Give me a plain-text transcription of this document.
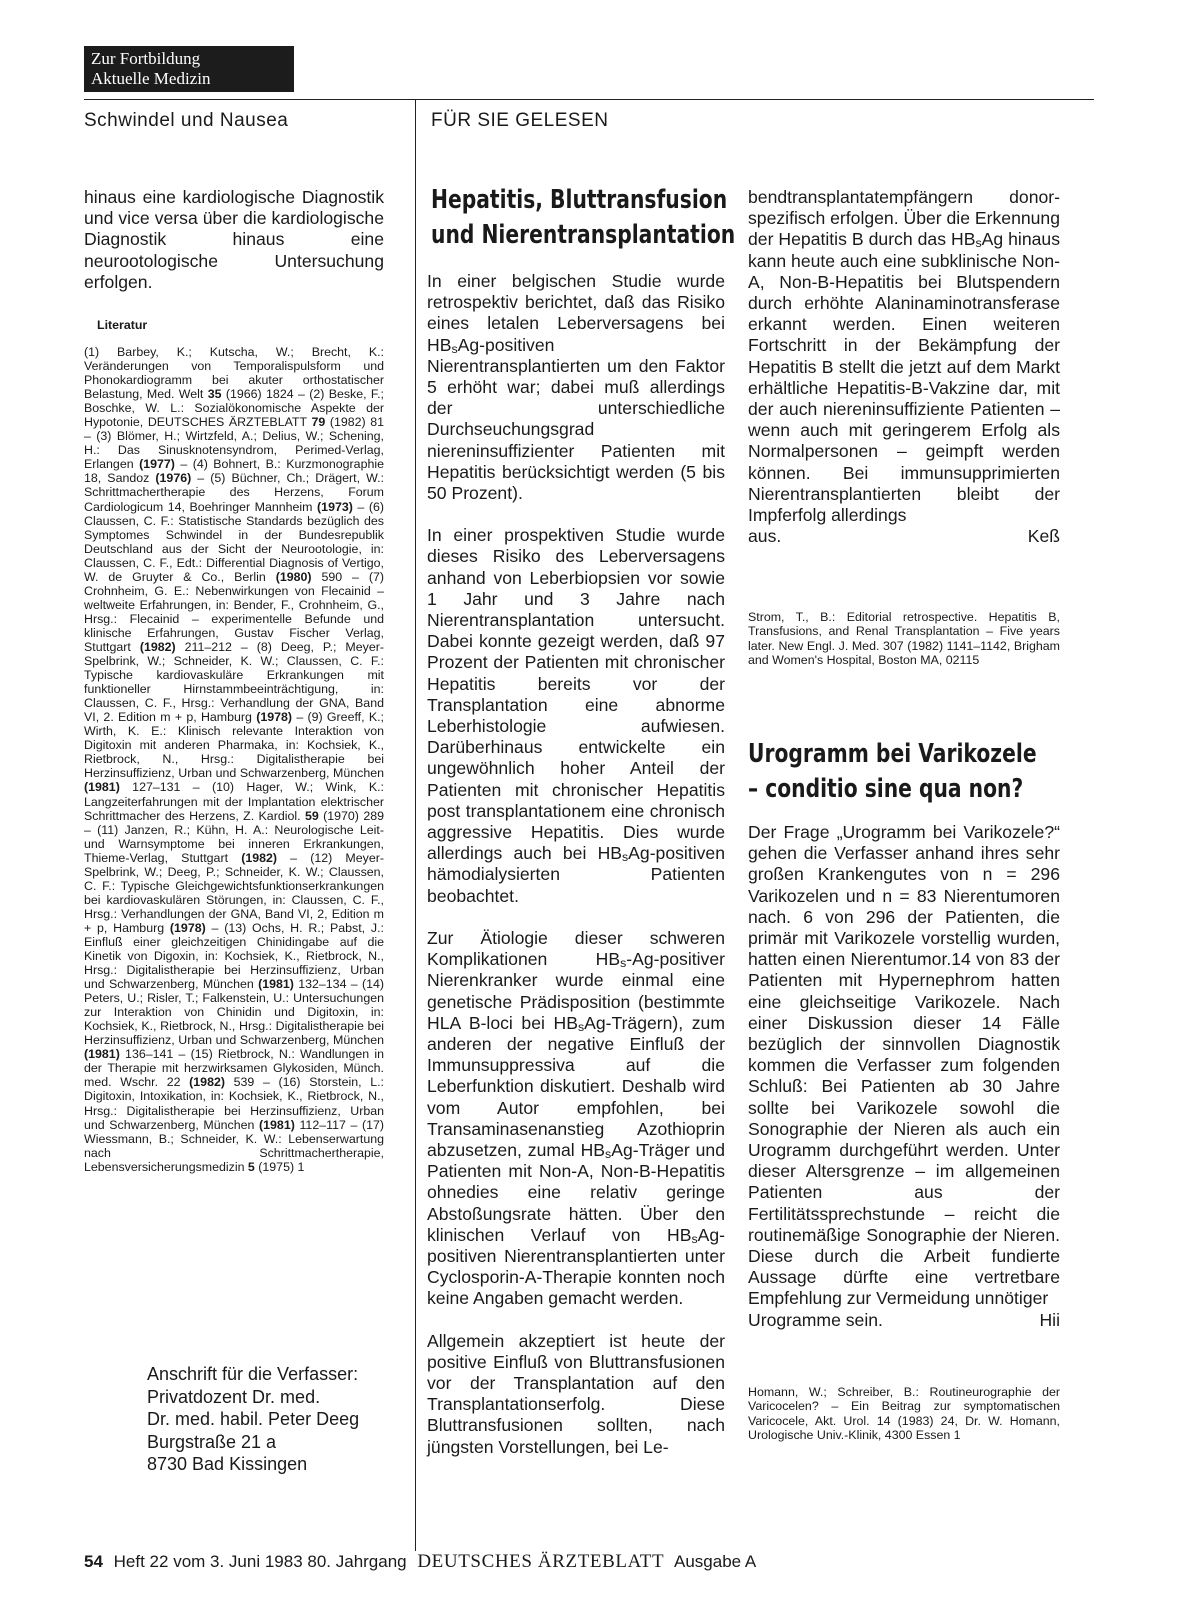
Zur Fortbildung
Aktuelle Medizin
Schwindel und Nausea	FÜR SIE GELESEN
hinaus eine kardiologische Diagnostik und vice versa über die kardiologische Diagnostik hinaus eine neurootologische Untersuchung erfolgen.
Literatur
(1) Barbey, K.; Kutscha, W.; Brecht, K.: Veränderungen von Temporalispulsform und Phonokardiogramm bei akuter orthostatischer Belastung, Med. Welt 35 (1966) 1824 – (2) Beske, F.; Boschke, W. L.: Sozialökonomische Aspekte der Hypotonie, DEUTSCHES ÄRZTEBLATT 79 (1982) 81 – (3) Blömer, H.; Wirtzfeld, A.; Delius, W.; Schening, H.: Das Sinusknotensyndrom, Perimed-Verlag, Erlangen (1977) – (4) Bohnert, B.: Kurzmonographie 18, Sandoz (1976) – (5) Büchner, Ch.; Drägert, W.: Schrittmachertherapie des Herzens, Forum Cardiologicum 14, Boehringer Mannheim (1973) – (6) Claussen, C. F.: Statistische Standards bezüglich des Symptomes Schwindel in der Bundesrepublik Deutschland aus der Sicht der Neurootologie, in: Claussen, C. F., Edt.: Differential Diagnosis of Vertigo, W. de Gruyter & Co., Berlin (1980) 590 – (7) Crohnheim, G. E.: Nebenwirkungen von Flecainid – weltweite Erfahrungen, in: Bender, F., Crohnheim, G., Hrsg.: Flecainid – experimentelle Befunde und klinische Erfahrungen, Gustav Fischer Verlag, Stuttgart (1982) 211–212 – (8) Deeg, P.; Meyer-Spelbrink, W.; Schneider, K. W.; Claussen, C. F.: Typische kardiovaskuläre Erkrankungen mit funktioneller Hirnstammbeeinträchtigung, in: Claussen, C. F., Hrsg.: Verhandlung der GNA, Band VI, 2. Edition m + p, Hamburg (1978) – (9) Greeff, K.; Wirth, K. E.: Klinisch relevante Interaktion von Digitoxin mit anderen Pharmaka, in: Kochsiek, K., Rietbrock, N., Hrsg.: Digitalistherapie bei Herzinsuffizienz, Urban und Schwarzenberg, München (1981) 127–131 – (10) Hager, W.; Wink, K.: Langzeiterfahrungen mit der Implantation elektrischer Schrittmacher des Herzens, Z. Kardiol. 59 (1970) 289 – (11) Janzen, R.; Kühn, H. A.: Neurologische Leit- und Warnsymptome bei inneren Erkrankungen, Thieme-Verlag, Stuttgart (1982) – (12) Meyer-Spelbrink, W.; Deeg, P.; Schneider, K. W.; Claussen, C. F.: Typische Gleichgewichtsfunktionserkrankungen bei kardiovaskulären Störungen, in: Claussen, C. F., Hrsg.: Verhandlungen der GNA, Band VI, 2, Edition m + p, Hamburg (1978) – (13) Ochs, H. R.; Pabst, J.: Einfluß einer gleichzeitigen Chinidingabe auf die Kinetik von Digoxin, in: Kochsiek, K., Rietbrock, N., Hrsg.: Digitalistherapie bei Herzinsuffizienz, Urban und Schwarzenberg, München (1981) 132–134 – (14) Peters, U.; Risler, T.; Falkenstein, U.: Untersuchungen zur Interaktion von Chinidin und Digitoxin, in: Kochsiek, K., Rietbrock, N., Hrsg.: Digitalistherapie bei Herzinsuffizienz, Urban und Schwarzenberg, München (1981) 136–141 – (15) Rietbrock, N.: Wandlungen in der Therapie mit herzwirksamen Glykosiden, Münch. med. Wschr. 22 (1982) 539 – (16) Storstein, L.: Digitoxin, Intoxikation, in: Kochsiek, K., Rietbrock, N., Hrsg.: Digitalistherapie bei Herzinsuffizienz, Urban und Schwarzenberg, München (1981) 112–117 – (17) Wiessmann, B.; Schneider, K. W.: Lebenserwartung nach Schrittmachertherapie, Lebensversicherungsmedizin 5 (1975) 1
Anschrift für die Verfasser:
Privatdozent Dr. med.
Dr. med. habil. Peter Deeg
Burgstraße 21 a
8730 Bad Kissingen
Hepatitis, Bluttransfusion
und Nierentransplantation

In einer belgischen Studie wurde retrospektiv berichtet, daß das Risiko eines letalen Leberversagens bei $HB_sAg$-positiven Nierentransplantierten um den Faktor 5 erhöht war; dabei muß allerdings der unterschiedliche Durchseuchungsgrad niereninsuffizienter Patienten mit Hepatitis berücksichtigt werden (5 bis 50 Prozent).

In einer prospektiven Studie wurde dieses Risiko des Leberversagens anhand von Leberbiopsien vor sowie 1 Jahr und 3 Jahre nach Nierentransplantation untersucht. Dabei konnte gezeigt werden, daß 97 Prozent der Patienten mit chronischer Hepatitis bereits vor der Transplantation eine abnorme Leberhistologie aufwiesen. Darüberhinaus entwickelte ein ungewöhnlich hoher Anteil der Patienten mit chronischer Hepatitis post transplantationem eine chronisch aggressive Hepatitis. Dies wurde allerdings auch bei $HB_sAg$-positiven hämodialysierten Patienten beobachtet.

Zur Ätiologie dieser schweren Komplikationen $HB_s-Ag$-positiver Nierenkranker wurde einmal eine genetische Prädisposition (bestimmte HLA B-loci bei $HB_sAg-Trägern$), zum anderen der negative Einfluß der Immunsuppressiva auf die Leberfunktion diskutiert. Deshalb wird vom Autor empfohlen, bei Transaminasenanstieg Azothioprin abzusetzen, zumal $HB_sAg$-Träger und Patienten mit Non-A, Non-B-Hepatitis ohnedies eine relativ geringe Abstoßungsrate hätten. Über den klinischen Verlauf von $HB_sAg$-positiven Nierentransplantierten unter Cyclosporin-A-Therapie konnten noch keine Angaben gemacht werden.

Allgemein akzeptiert ist heute der positive Einfluß von Bluttransfusionen vor der Transplantation auf den Transplantationserfolg. Diese Bluttransfusionen sollten, nach jüngsten Vorstellungen, bei Le-

bendtransplantatempfängern donor-spezifisch erfolgen. Über die Erkennung der Hepatitis B durch das $HB_sAg$ hinaus kann heute auch eine subklinische Non-A, Non-B-Hepatitis bei Blutspendern durch erhöhte Alaninaminotransferase erkannt werden. Einen weiteren Fortschritt in der Bekämpfung der Hepatitis B stellt die jetzt auf dem Markt erhältliche Hepatitis-B-Vakzine dar, mit der auch niereninsuffiziente Patienten – wenn auch mit geringerem Erfolg als Normalpersonen – geimpft werden können. Bei immunsupprimierten Nierentransplantierten bleibt der Impferfolg allerdings
aus.	Keß
Strom, T., B.: Editorial retrospective. Hepatitis B, Transfusions, and Renal Transplantation – Five years later. New Engl. J. Med. 307 (1982) 1141–1142, Brigham and Women's Hospital, Boston MA, 02115
Urogramm bei Varikozele
– conditio sine qua non?
Der Frage „Urogramm bei Varikozele?“ gehen die Verfasser anhand ihres sehr großen Krankengutes von n = 296 Varikozelen und n = 83 Nierentumoren nach. 6 von 296 der Patienten, die primär mit Varikozele vorstellig wurden, hatten einen Nierentumor.14 von 83 der Patienten mit Hypernephrom hatten eine gleichseitige Varikozele. Nach einer Diskussion dieser 14 Fälle bezüglich der sinnvollen Diagnostik kommen die Verfasser zum folgenden Schluß: Bei Patienten ab 30 Jahre sollte bei Varikozele sowohl die Sonographie der Nieren als auch ein Urogramm durchgeführt werden. Unter dieser Altersgrenze – im allgemeinen Patienten aus der Fertilitätssprechstunde – reicht die routinemäßige Sonographie der Nieren. Diese durch die Arbeit fundierte Aussage dürfte eine vertretbare Empfehlung zur Vermeidung unnötiger
Urogramme sein.	Hii
Homann, W.; Schreiber, B.: Routineurographie der Varicocelen? – Ein Beitrag zur symptomatischen Varicocele, Akt. Urol. 14 (1983) 24, Dr. W. Homann, Urologische Univ.-Klinik, 4300 Essen 1
54 Heft 22 vom 3. Juni 1983 80. Jahrgang DEUTSCHES ÄRZTEBLATT Ausgabe A
